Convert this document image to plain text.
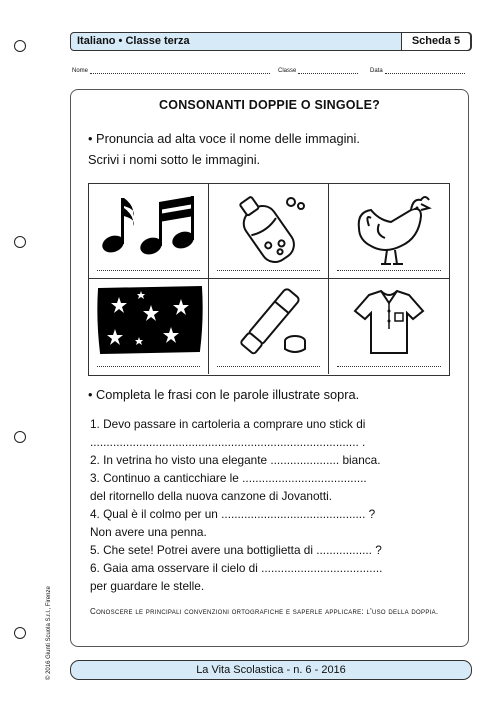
Italiano • Classe terza	Scheda 5
Nome	Classe	Data
CONSONANTI DOPPIE O SINGOLE?
• Pronuncia ad alta voce il nome delle immagini.
Scrivi i nomi sotto le immagini.
• Completa le frasi con le parole illustrate sopra.
1. Devo passare in cartoleria a comprare uno stick di
.................................................................................. .
2. In vetrina ho visto una elegante ..................... bianca.
3. Continuo a canticchiare le ......................................
del ritornello della nuova canzone di Jovanotti.
4. Qual è il colmo per un ............................................ ?
Non avere una penna.
5. Che sete! Potrei avere una bottiglietta di ................. ?
6. Gaia ama osservare il cielo di .....................................
per guardare le stelle.
Conoscere le principali convenzioni ortografiche e saperle applicare: l'uso della doppia.
© 2016 Giunti Scuola S.r.l., Firenze	La Vita Scolastica - n. 6 - 2016
